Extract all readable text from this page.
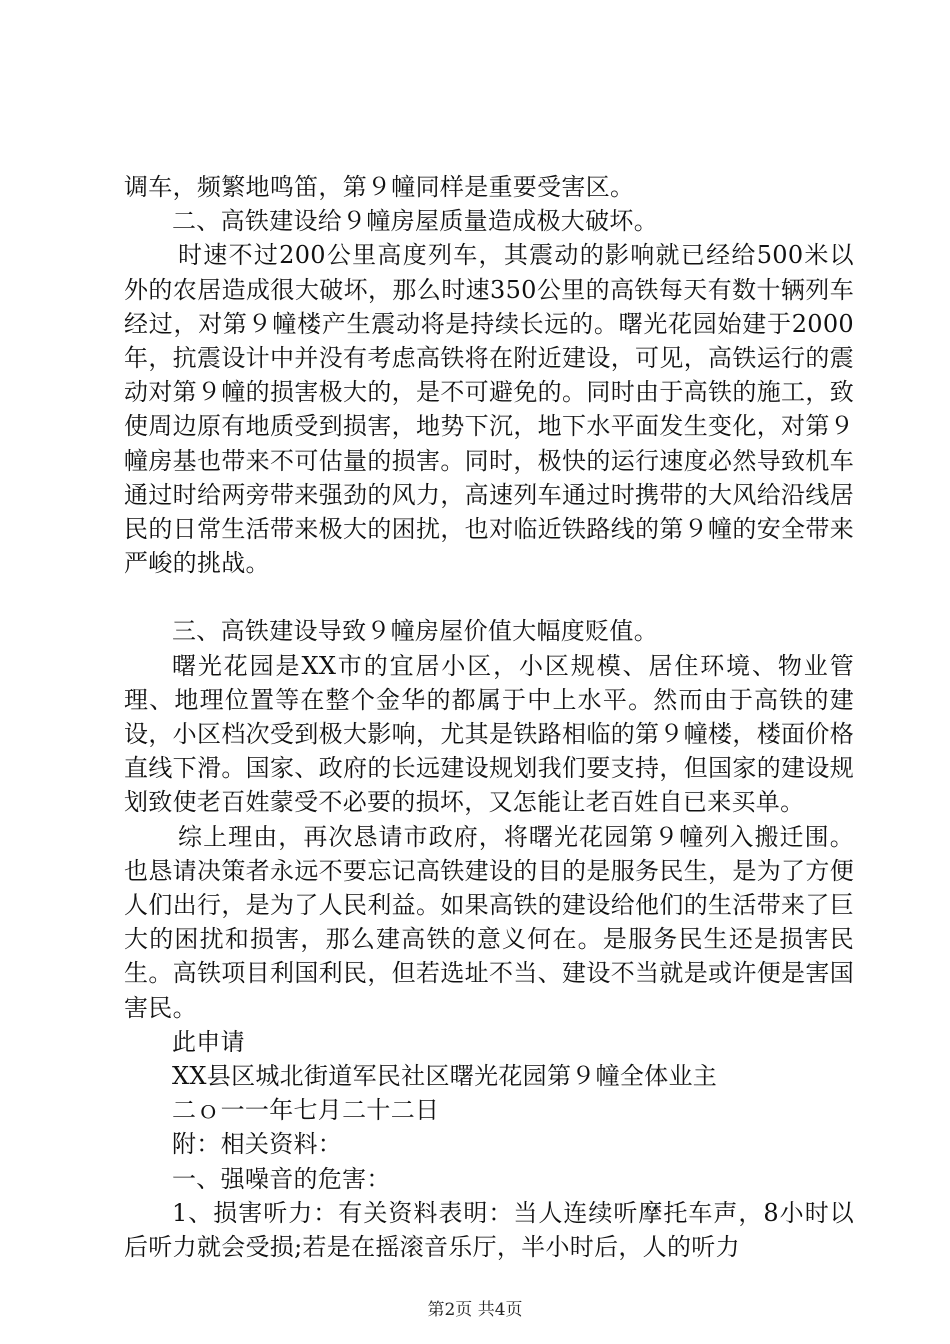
调车，频繁地鸣笛，第９幢同样是重要受害区。

二、高铁建设给９幢房屋质量造成极大破坏。

时速不过200公里高度列车，其震动的影响就已经给500米以外的农居造成很大破坏，那么时速350公里的高铁每天有数十辆列车经过，对第９幢楼产生震动将是持续长远的。曙光花园始建于2000年，抗震设计中并没有考虑高铁将在附近建设，可见，高铁运行的震动对第９幢的损害极大的，是不可避免的。同时由于高铁的施工，致使周边原有地质受到损害，地势下沉，地下水平面发生变化，对第９幢房基也带来不可估量的损害。同时，极快的运行速度必然导致机车通过时给两旁带来强劲的风力，高速列车通过时携带的大风给沿线居民的日常生活带来极大的困扰，也对临近铁路线的第９幢的安全带来严峻的挑战。

三、高铁建设导致９幢房屋价值大幅度贬值。

曙光花园是XX市的宜居小区，小区规模、居住环境、物业管理、地理位置等在整个金华的都属于中上水平。然而由于高铁的建设，小区档次受到极大影响，尤其是铁路相临的第９幢楼，楼面价格直线下滑。国家、政府的长远建设规划我们要支持，但国家的建设规划致使老百姓蒙受不必要的损坏，又怎能让老百姓自已来买单。

综上理由，再次恳请市政府，将曙光花园第９幢列入搬迁围。也恳请决策者永远不要忘记高铁建设的目的是服务民生，是为了方便人们出行，是为了人民利益。如果高铁的建设给他们的生活带来了巨大的困扰和损害，那么建高铁的意义何在。是服务民生还是损害民生。高铁项目利国利民，但若选址不当、建设不当就是或许便是害国害民。

此申请

XX县区城北街道军民社区曙光花园第９幢全体业主

二ｏ一一年七月二十二日

附：相关资料：

一、强噪音的危害：

1、损害听力：有关资料表明：当人连续听摩托车声，8小时以后听力就会受损;若是在摇滚音乐厅，半小时后，人的听力

第2页 共4页
